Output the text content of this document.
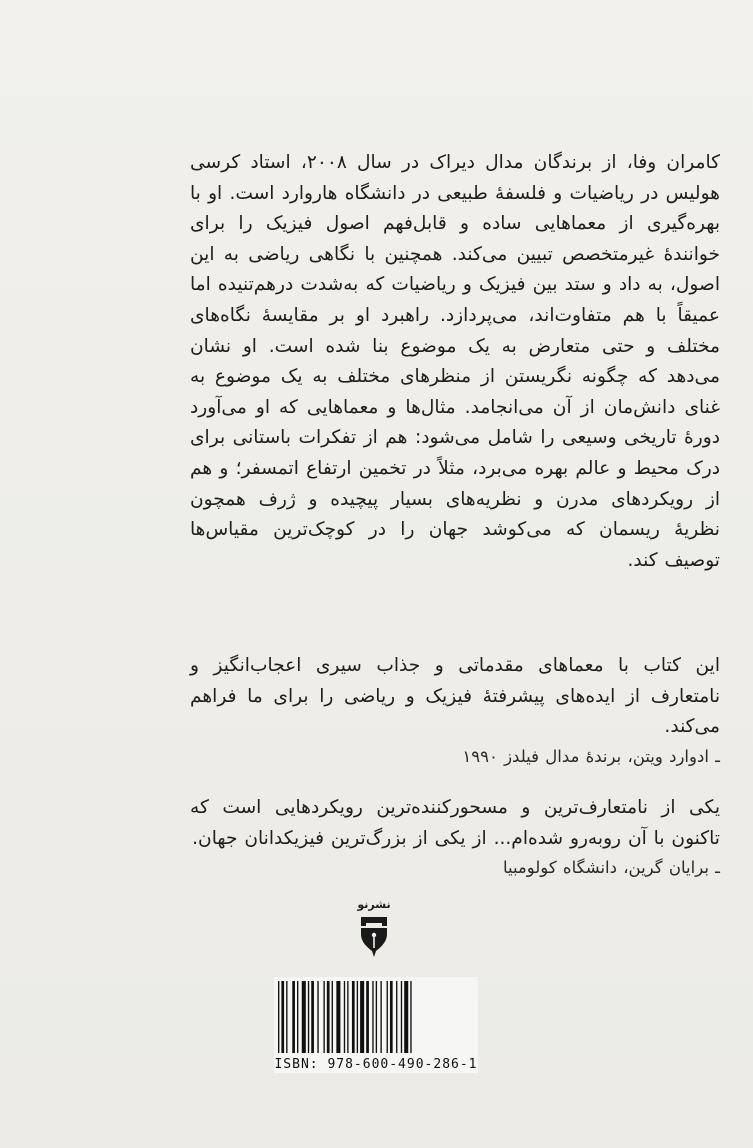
کامران وفا، از برندگان مدال دیراک در سال ۲۰۰۸، استاد کرسی هولیس در ریاضیات و فلسفهٔ طبیعی در دانشگاه هاروارد است. او با بهره‌گیری از معماهایی ساده و قابل‌فهم اصول فیزیک را برای خوانندهٔ غیرمتخصص تبیین می‌کند. همچنین با نگاهی ریاضی به این اصول، به داد و ستد بین فیزیک و ریاضیات که به‌شدت درهم‌تنیده اما عمیقاً با هم متفاوت‌اند، می‌پردازد. راهبرد او بر مقایسهٔ نگاه‌های مختلف و حتی متعارض به یک موضوع بنا شده است. او نشان می‌دهد که چگونه نگریستن از منظرهای مختلف به یک موضوع به غنای دانش‌مان از آن می‌انجامد. مثال‌ها و معماهایی که او می‌آورد دورهٔ تاریخی وسیعی را شامل می‌شود: هم از تفکرات باستانی برای درک محیط و عالم بهره می‌برد، مثلاً در تخمین ارتفاع اتمسفر؛ و هم از رویکردهای مدرن و نظریه‌های بسیار پیچیده و ژرف همچون نظریهٔ ریسمان که می‌کوشد جهان را در کوچک‌ترین مقیاس‌ها توصیف کند.

این کتاب با معماهای مقدماتی و جذاب سیری اعجاب‌انگیز و نامتعارف از ایده‌های پیشرفتهٔ فیزیک و ریاضی را برای ما فراهم می‌کند.

ـ ادوارد ویتن، برندهٔ مدال فیلدز ۱۹۹۰

یکی از نامتعارف‌ترین و مسحورکننده‌ترین رویکردهایی است که تاکنون با آن روبه‌رو شده‌ام... از یکی از بزرگ‌ترین فیزیکدانان جهان.

ـ برایان گرین، دانشگاه کولومبیا
نشرنو
ISBN: 978-600-490-286-1
